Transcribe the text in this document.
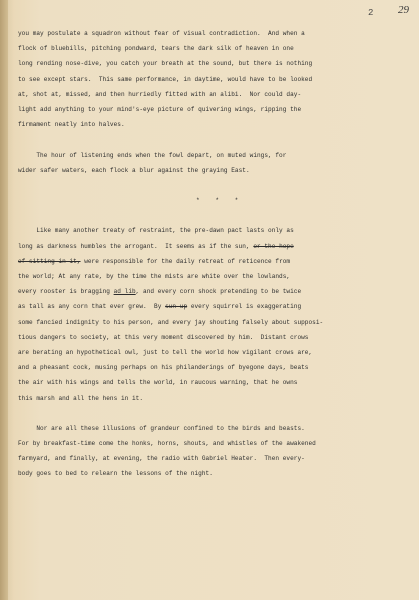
2 29
you may postulate a squadron without fear of visual contradiction.  And when a
flock of bluebills, pitching pondward, tears the dark silk of heaven in one
long rending nose-dive, you catch your breath at the sound, but there is nothing
to see except stars.  This same performance, in daytime, would have to be looked
at, shot at, missed, and then hurriedly fitted with an alibi.  Nor could day-
light add anything to your mind's-eye picture of quivering wings, ripping the
firmament neatly into halves.
The hour of listening ends when the fowl depart, on muted wings, for
wider safer waters, each flock a blur against the graying East.
* * *
Like many another treaty of restraint, the pre-dawn pact lasts only as
long as darkness humbles the arrogant.  It seems as if the sun, or the hope
of sitting in it, were responsible for the daily retreat of reticence from
the world; At any rate, by the time the mists are white over the lowlands,
every rooster is bragging ad lib, and every corn shock pretending to be twice
as tall as any corn that ever grew.  By sun-up every squirrel is exaggerating
some fancied indignity to his person, and every jay shouting falsely about supposi-
tious dangers to society, at this very moment discovered by him.  Distant crows
are berating an hypothetical owl, just to tell the world how vigilant crows are,
and a pheasant cock, musing perhaps on his philanderings of byegone days, beats
the air with his wings and tells the world, in raucous warning, that he owns
this marsh and all the hens in it.
Nor are all these illusions of grandeur confined to the birds and beasts.
For by breakfast-time come the honks, horns, shouts, and whistles of the awakened
farmyard, and finally, at evening, the radio with Gabriel Heater.  Then every-
body goes to bed to relearn the lessons of the night.
